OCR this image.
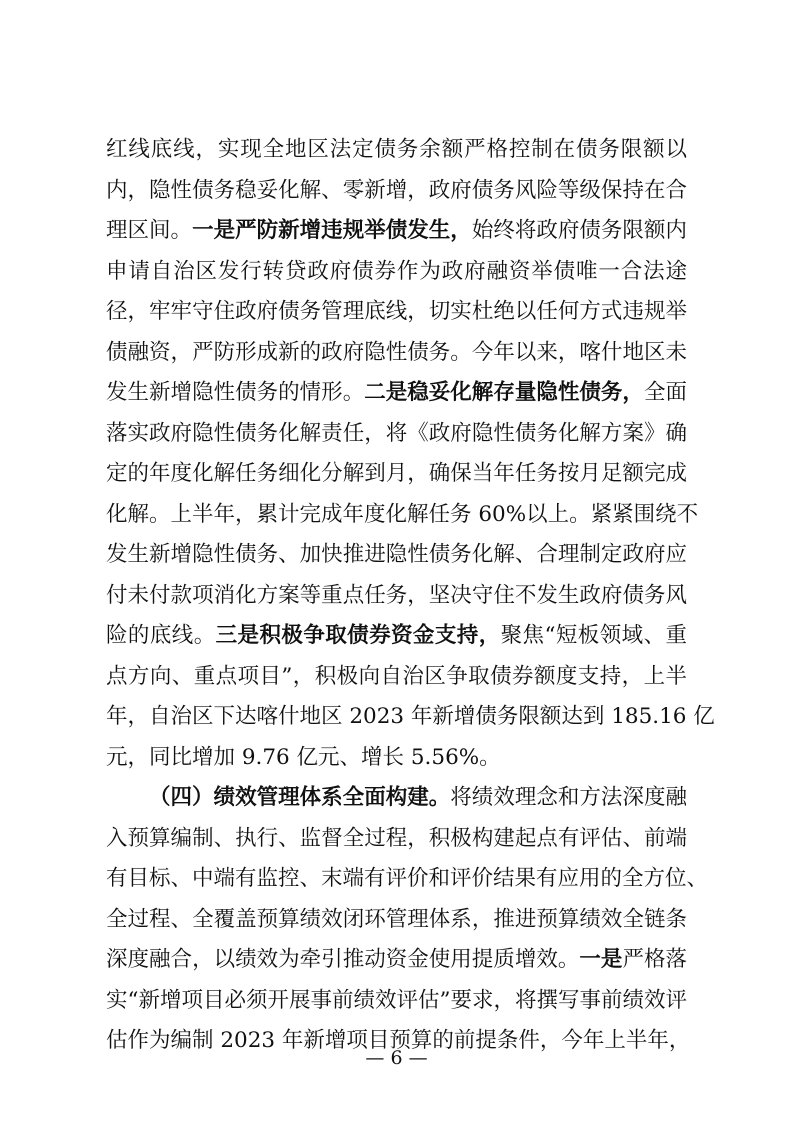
红线底线，实现全地区法定债务余额严格控制在债务限额以
内，隐性债务稳妥化解、零新增，政府债务风险等级保持在合
理区间。一是严防新增违规举债发生，始终将政府债务限额内
申请自治区发行转贷政府债券作为政府融资举债唯一合法途
径，牢牢守住政府债务管理底线，切实杜绝以任何方式违规举
债融资，严防形成新的政府隐性债务。今年以来，喀什地区未
发生新增隐性债务的情形。二是稳妥化解存量隐性债务，全面
落实政府隐性债务化解责任，将《政府隐性债务化解方案》确
定的年度化解任务细化分解到月，确保当年任务按月足额完成
化解。上半年，累计完成年度化解任务 60%以上。紧紧围绕不
发生新增隐性债务、加快推进隐性债务化解、合理制定政府应
付未付款项消化方案等重点任务，坚决守住不发生政府债务风
险的底线。三是积极争取债券资金支持，聚焦“短板领域、重
点方向、重点项目”，积极向自治区争取债券额度支持，上半
年，自治区下达喀什地区 2023 年新增债务限额达到 185.16 亿
元，同比增加 9.76 亿元、增长 5.56%。
（四）绩效管理体系全面构建。将绩效理念和方法深度融
入预算编制、执行、监督全过程，积极构建起点有评估、前端
有目标、中端有监控、末端有评价和评价结果有应用的全方位、
全过程、全覆盖预算绩效闭环管理体系，推进预算绩效全链条
深度融合，以绩效为牵引推动资金使用提质增效。一是严格落
实“新增项目必须开展事前绩效评估”要求，将撰写事前绩效评
估作为编制 2023 年新增项目预算的前提条件，今年上半年，
— 6 —
